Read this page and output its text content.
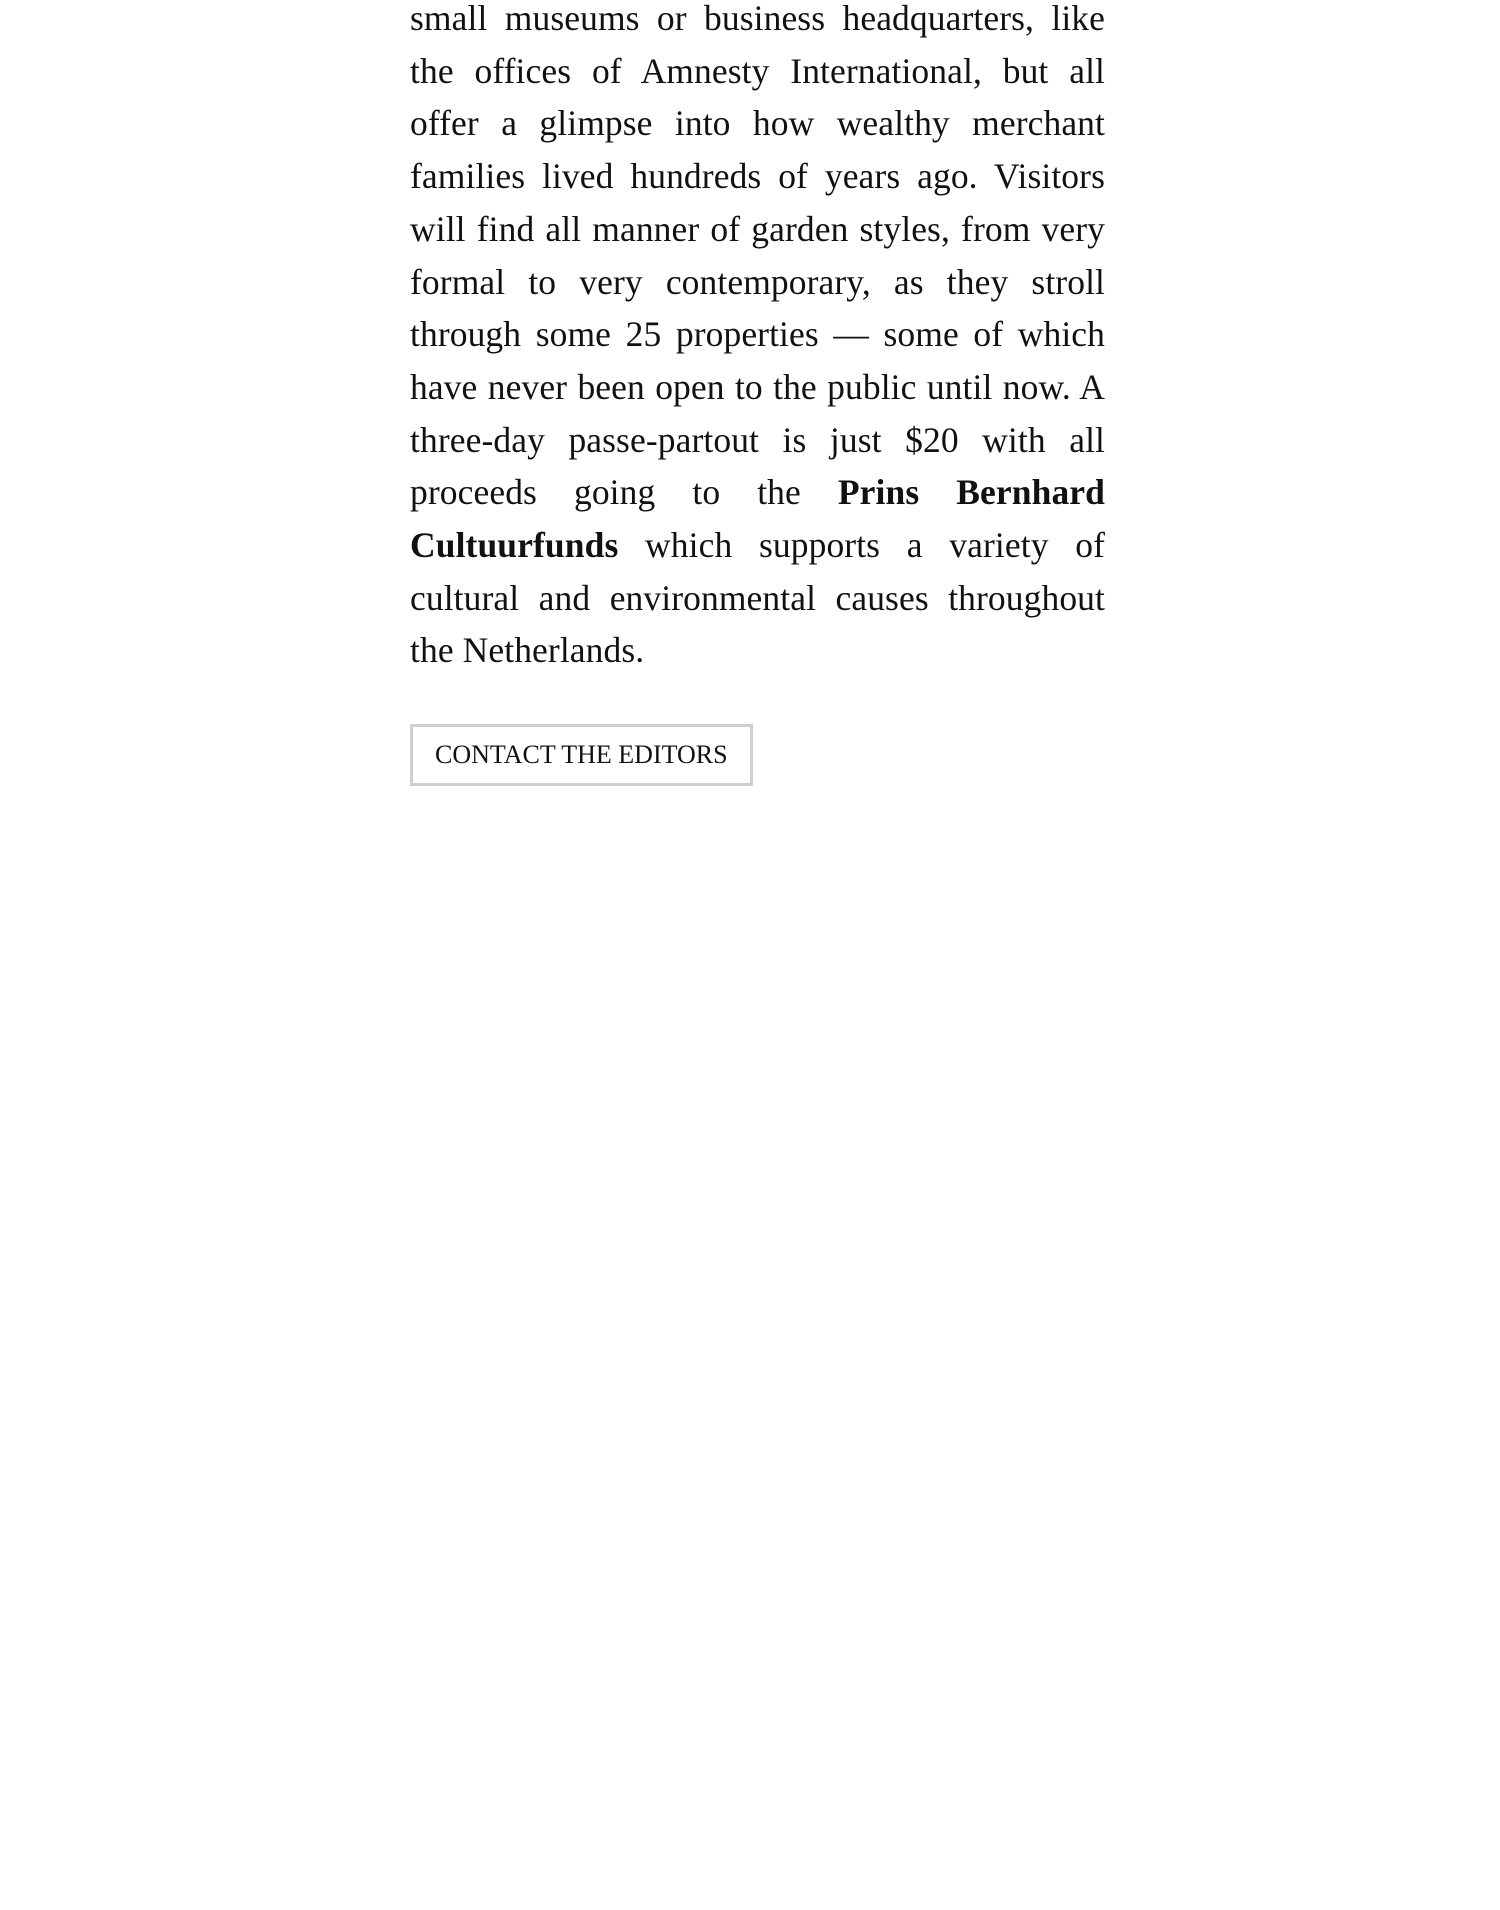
small museums or business headquarters, like the offices of Amnesty International, but all offer a glimpse into how wealthy merchant families lived hundreds of years ago. Visitors will find all manner of garden styles, from very formal to very contemporary, as they stroll through some 25 properties — some of which have never been open to the public until now. A three-day passe-partout is just $20 with all proceeds going to the Prins Bernhard Cultuurfunds which supports a variety of cultural and environmental causes throughout the Netherlands.

CONTACT THE EDITORS
